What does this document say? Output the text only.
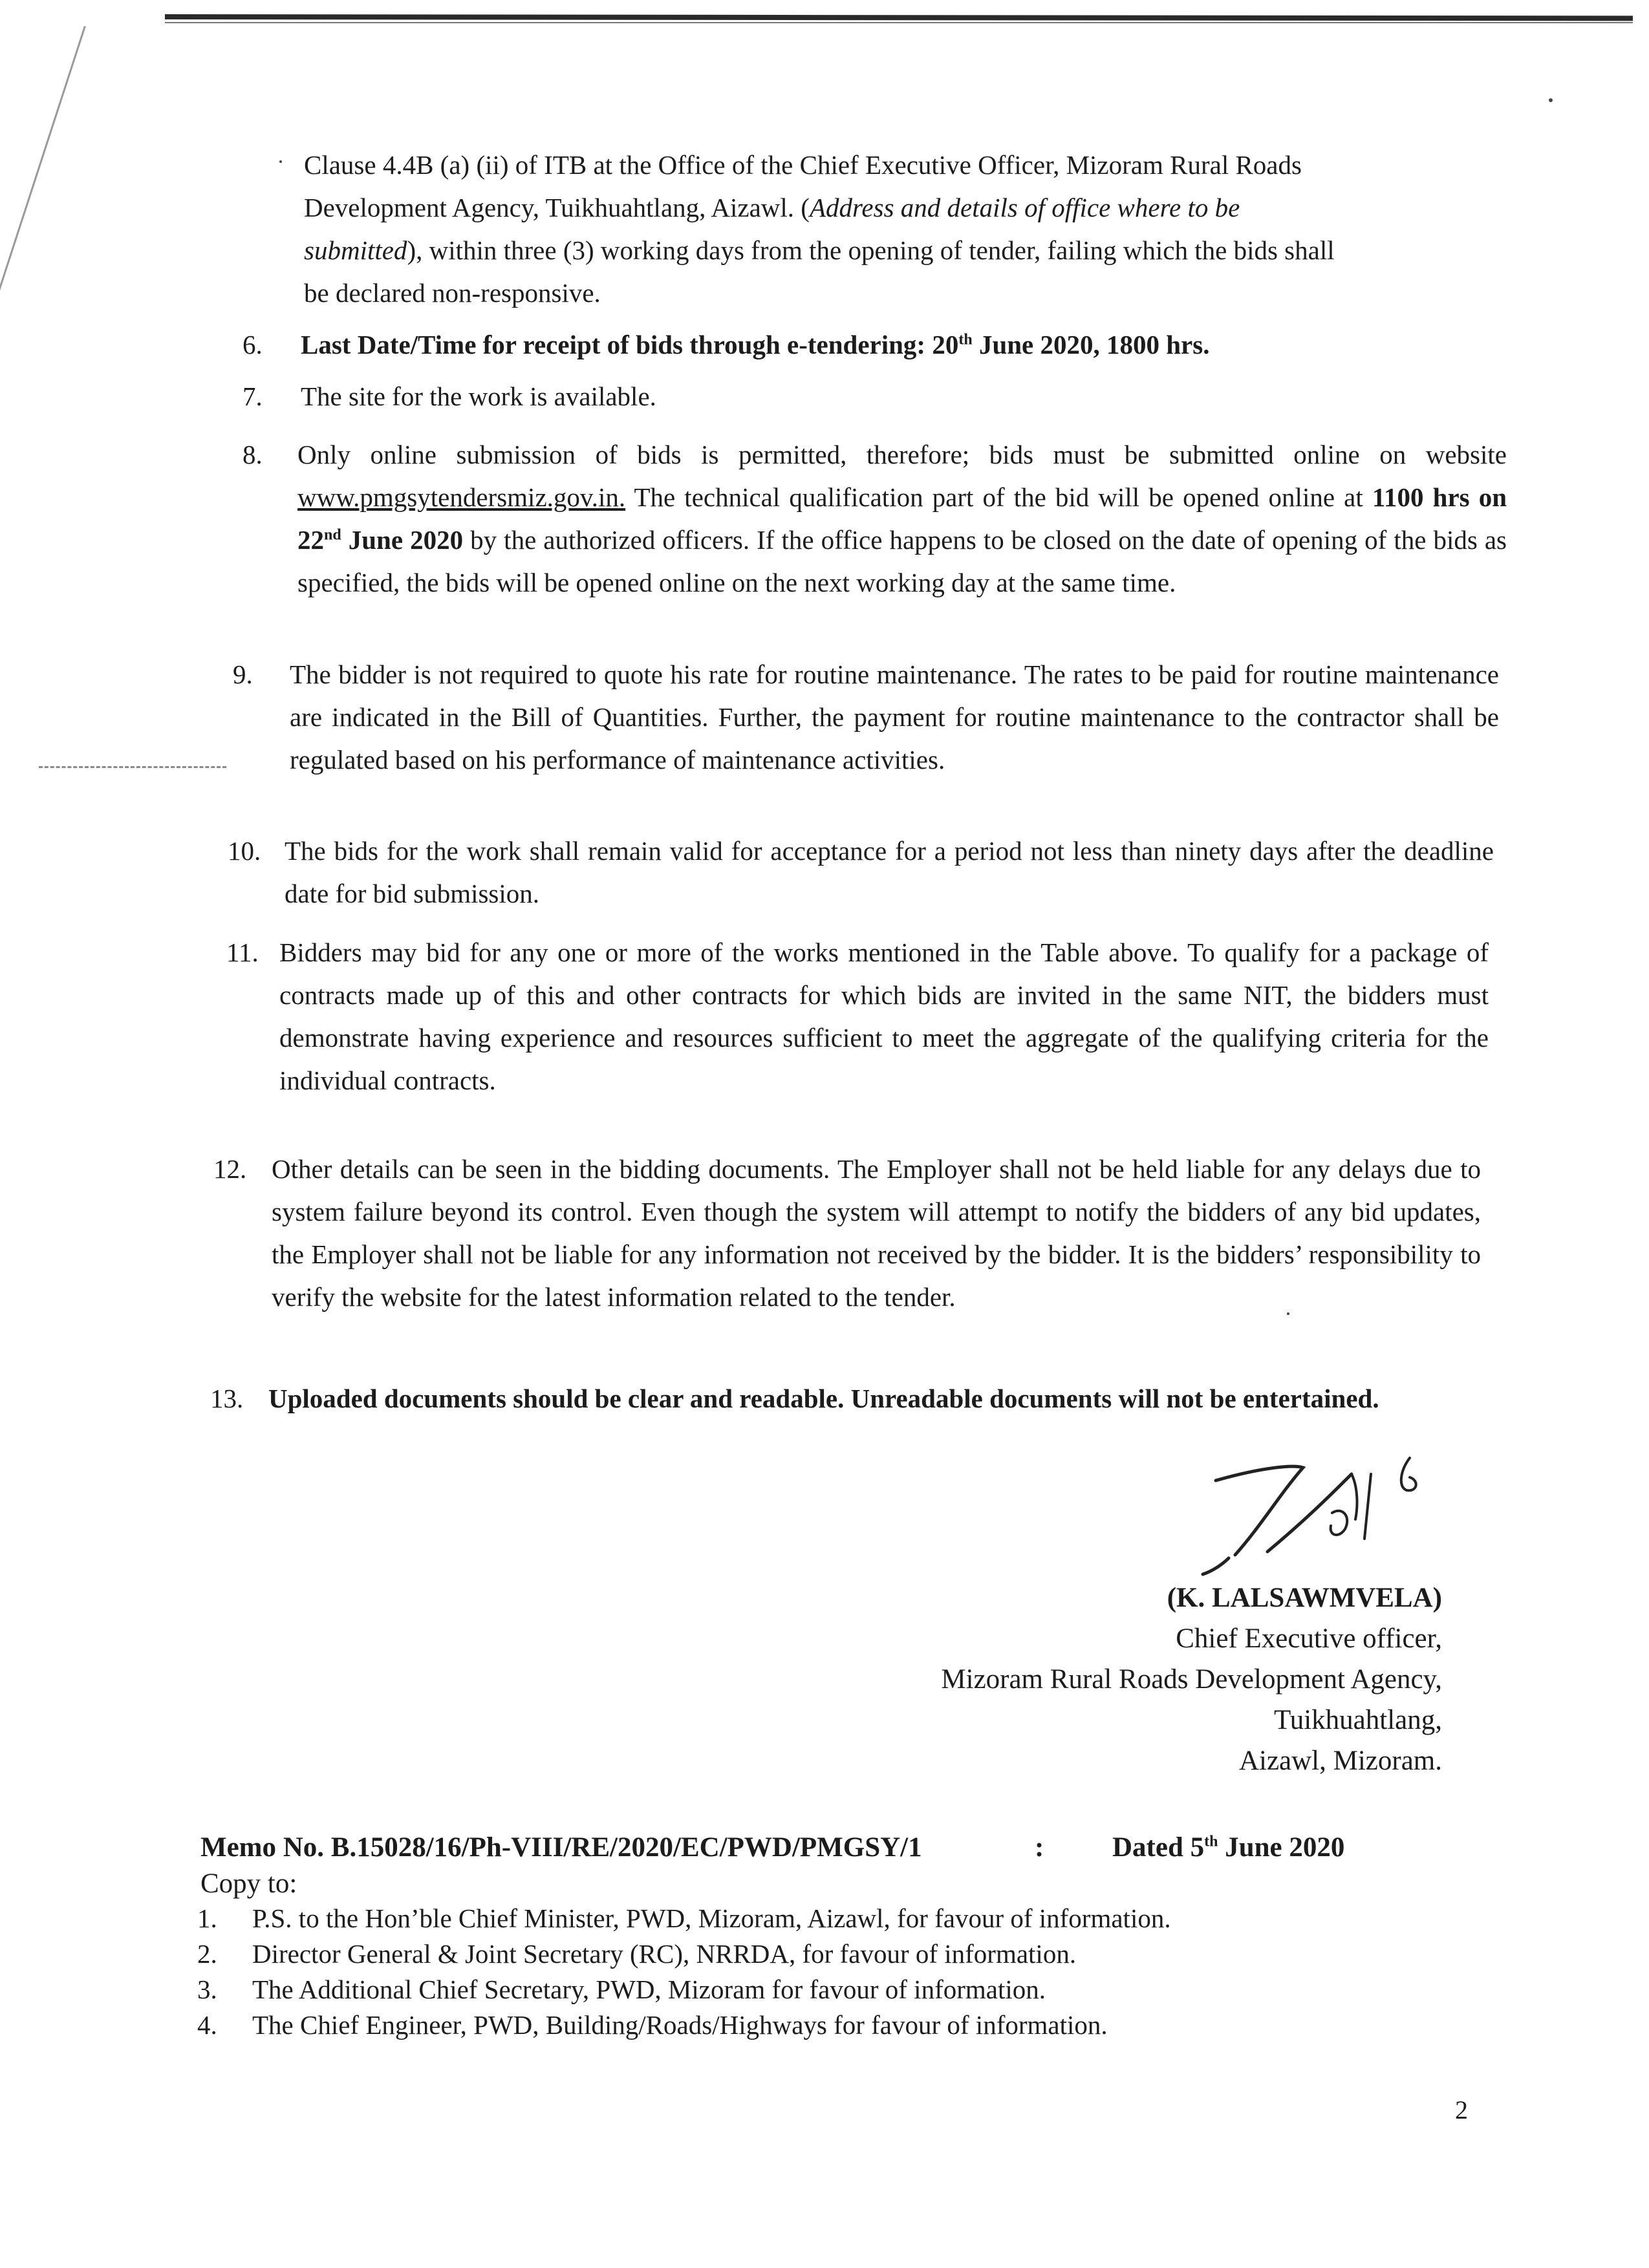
Clause 4.4B (a) (ii) of ITB at the Office of the Chief Executive Officer, Mizoram Rural Roads
Development Agency, Tuikhuahtlang, Aizawl. (Address and details of office where to be
submitted), within three (3) working days from the opening of tender, failing which the bids shall
be declared non-responsive.
6. Last Date/Time for receipt of bids through e-tendering: 20th June 2020, 1800 hrs.
7. The site for the work is available.
8. Only online submission of bids is permitted, therefore; bids must be submitted online on website www.pmgsytendersmiz.gov.in. The technical qualification part of the bid will be opened online at 1100 hrs on 22nd June 2020 by the authorized officers. If the office happens to be closed on the date of opening of the bids as specified, the bids will be opened online on the next working day at the same time.
9. The bidder is not required to quote his rate for routine maintenance. The rates to be paid for routine maintenance are indicated in the Bill of Quantities. Further, the payment for routine maintenance to the contractor shall be regulated based on his performance of maintenance activities.
10. The bids for the work shall remain valid for acceptance for a period not less than ninety days after the deadline date for bid submission.
11. Bidders may bid for any one or more of the works mentioned in the Table above. To qualify for a package of contracts made up of this and other contracts for which bids are invited in the same NIT, the bidders must demonstrate having experience and resources sufficient to meet the aggregate of the qualifying criteria for the individual contracts.
12. Other details can be seen in the bidding documents. The Employer shall not be held liable for any delays due to system failure beyond its control. Even though the system will attempt to notify the bidders of any bid updates, the Employer shall not be liable for any information not received by the bidder. It is the bidders’ responsibility to verify the website for the latest information related to the tender.
13. Uploaded documents should be clear and readable. Unreadable documents will not be entertained.
(K. LALSAWMVELA)
Chief Executive officer,
Mizoram Rural Roads Development Agency,
Tuikhuahtlang,
Aizawl, Mizoram.
Memo No. B.15028/16/Ph-VIII/RE/2020/EC/PWD/PMGSY/1	:	Dated 5th June 2020
Copy to:
1.	P.S. to the Hon’ble Chief Minister, PWD, Mizoram, Aizawl, for favour of information.
2.	Director General & Joint Secretary (RC), NRRDA, for favour of information.
3.	The Additional Chief Secretary, PWD, Mizoram for favour of information.
4.	The Chief Engineer, PWD, Building/Roads/Highways for favour of information.
2
